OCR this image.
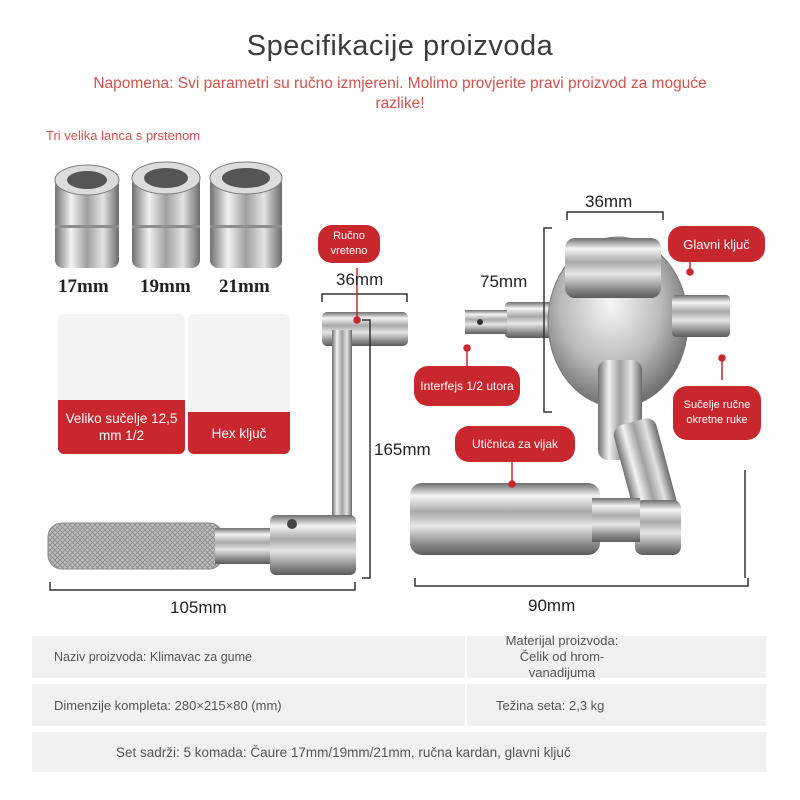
Specifikacije proizvoda
Napomena: Svi parametri su ručno izmjereni. Molimo provjerite pravi proizvod za moguće razlike!
Tri velika lanca s prstenom
17mm 19mm 21mm
Veliko sučelje 12,5 mm 1/2	Hex ključ
Ručno vreteno	Glavni ključ
Interfejs 1/2 utora
Sučelje ručne okretne ruke
Utičnica za vijak
36mm
165mm
105mm
36mm
75mm
90mm
Naziv proizvoda: Klimavac za gume
Materijal proizvoda: Čelik od hrom-vanadijuma
Dimenzije kompleta: 280×215×80 (mm)	Težina seta: 2,3 kg
Set sadrži: 5 komada: Čaure 17mm/19mm/21mm, ručna kardan, glavni ključ
